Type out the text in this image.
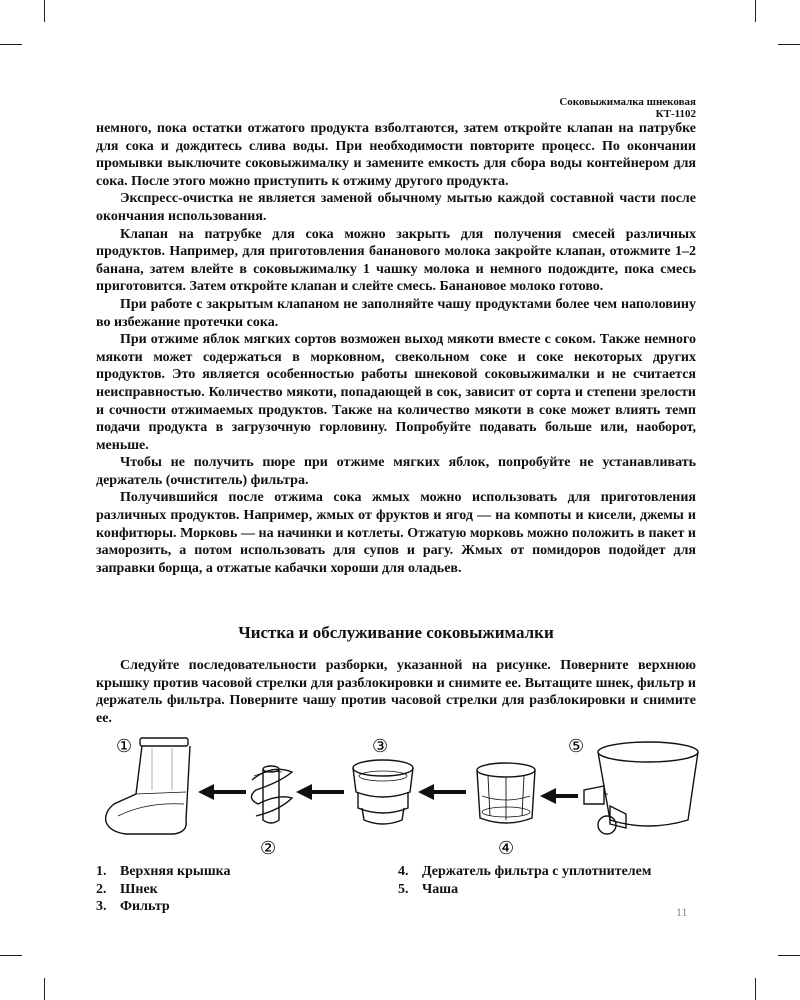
Соковыжималка шнековая
КТ-1102

немного, пока остатки отжатого продукта взболтаются, затем откройте клапан на патрубке для сока и дождитесь слива воды. При необходимости повторите процесс. По окончании промывки выключите соковыжималку и замените емкость для сбора воды контейнером для сока. После этого можно приступить к отжиму другого продукта.

Экспресс-очистка не является заменой обычному мытью каждой составной части после окончания использования.

Клапан на патрубке для сока можно закрыть для получения смесей различных продуктов. Например, для приготовления бананового молока закройте клапан, отожмите 1–2 банана, затем влейте в соковыжималку 1 чашку молока и немного подождите, пока смесь приготовится. Затем откройте клапан и слейте смесь. Банановое молоко готово.

При работе с закрытым клапаном не заполняйте чашу продуктами более чем наполовину во избежание протечки сока.

При отжиме яблок мягких сортов возможен выход мякоти вместе с соком. Также немного мякоти может содержаться в морковном, свекольном соке и соке некоторых других продуктов. Это является особенностью работы шнековой соковыжималки и не считается неисправностью. Количество мякоти, попадающей в сок, зависит от сорта и степени зрелости и сочности отжимаемых продуктов. Также на количество мякоти в соке может влиять темп подачи продукта в загрузочную горловину. Попробуйте подавать больше или, наоборот, меньше.

Чтобы не получить пюре при отжиме мягких яблок, попробуйте не устанавливать держатель (очиститель) фильтра.

Получившийся после отжима сока жмых можно использовать для приготовления различных продуктов. Например, жмых от фруктов и ягод — на компоты и кисели, джемы и конфитюры. Морковь — на начинки и котлеты. Отжатую морковь можно положить в пакет и заморозить, а потом использовать для супов и рагу. Жмых от помидоров подойдет для заправки борща, а отжатые кабачки хороши для оладьев.

Чистка и обслуживание соковыжималки

Следуйте последовательности разборки, указанной на рисунке. Поверните верхнюю крышку против часовой стрелки для разблокировки и снимите ее. Вытащите шнек, фильтр и держатель фильтра. Поверните чашу против часовой стрелки для разблокировки и снимите ее.

①
②
③
④
⑤
1. Верхняя крышка
2. Шнек
3. Фильтр
4. Держатель фильтра с уплотнителем
5. Чаша
11
